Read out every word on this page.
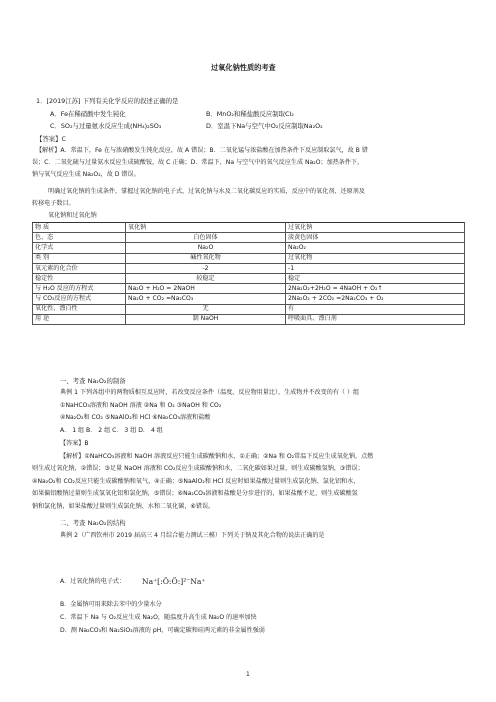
过氧化钠性质的考查
1．[2019江苏] 下列有关化学反应的叙述正确的是
A．Fe在稀硝酸中发生钝化	B．MnO₂和稀盐酸反应制取Cl₂
C．SO₂与过量氨水反应生成(NH₄)₂SO₃	D．室温下Na与空气中O₂反应制取Na₂O₂
【答案】C
【解析】A．常温下，Fe 在与浓硝酸发生钝化反应，故 A 错误；B．二氧化锰与浓盐酸在加热条件下反应制取氯气，故 B 错
误；C．二氧化硫与过量氨水反应生成硫酸铵，故 C 正确；D．常温下，Na 与空气中的氧气反应生成 Na₂O；加热条件下，
钠与氧气反应生成 Na₂O₂，故 D 错误。
明确过氧化钠的生成条件，掌握过氧化钠的电子式、过氧化钠与水及二氧化碳反应的实质，反应中的氧化剂、还原剂及
转移电子数目。
氧化钠和过氧化钠
物 质	氧化钠	过氧化钠
色、态	白色固体	淡黄色固体
化学式	Na₂O	Na₂O₂
类 别	碱性氧化物	过氧化物
氧元素的化合价	-2	-1
稳定性	较稳定	稳定
与 H₂O 反应的方程式	Na₂O + H₂O = 2NaOH	2Na₂O₂+2H₂O = 4NaOH + O₂↑
与 CO₂反应的方程式	Na₂O + CO₂ =Na₂CO₃	2Na₂O₂ + 2CO₂ =2Na₂CO₃ + O₂
氧化性、漂白性	无	有
用 途	制 NaOH	呼吸面具、漂白剂
一、考查 Na₂O₂的制备
典例 1 下列各组中的两物质相互反应时，若改变反应条件（温度、反应物用量比），生成物并不改变的有（ ）组
①NaHCO₃溶液和 NaOH 溶液 ②Na 和 O₂ ③NaOH 和 CO₂
④Na₂O₂和 CO₂ ⑤NaAlO₂和 HCl ⑥Na₂CO₃溶液和盐酸
A． 1 组 B． 2 组 C． 3 组 D． 4 组
【答案】B
【解析】①NaHCO₃溶液和 NaOH 溶液反应只能生成碳酸钠和水，①正确；②Na 和 O₂常温下反应生成氧化钠，点燃
则生成过氧化钠，②错误；③足量 NaOH 溶液和 CO₂反应生成碳酸钠和水，二氧化碳如果过量，则生成碳酸氢钠，③错误；
④Na₂O₂和 CO₂反应只能生成碳酸钠和氧气，④正确；⑤NaAlO₂和 HCl 反应时如果盐酸过量则生成氯化钠、氯化铝和水，
如果偏铝酸钠过量则生成氢氧化铝和氯化钠，⑤错误；⑥Na₂CO₃溶液和盐酸是分步进行的，如果盐酸不足，则生成碳酸氢
钠和氯化钠，如果盐酸过量则生成氯化钠、水和二氧化碳，⑥错误。
二、考查 Na₂O₂的结构
典例 2（广西钦州市 2019 届高三 4 月综合能力测试三模）下列关于钠及其化合物的说法正确的是
A．过氧化钠的电子式： Na⁺[:Ö:Ö:]²⁻Na⁺
B．金属钠可用来除去苯中的少量水分
C．常温下 Na 与 O₂反应生成 Na₂O，随温度升高生成 Na₂O 的速率加快
D．测 Na₂CO₃和 Na₂SiO₃溶液的 pH，可确定碳和硅两元素的非金属性强弱
1
